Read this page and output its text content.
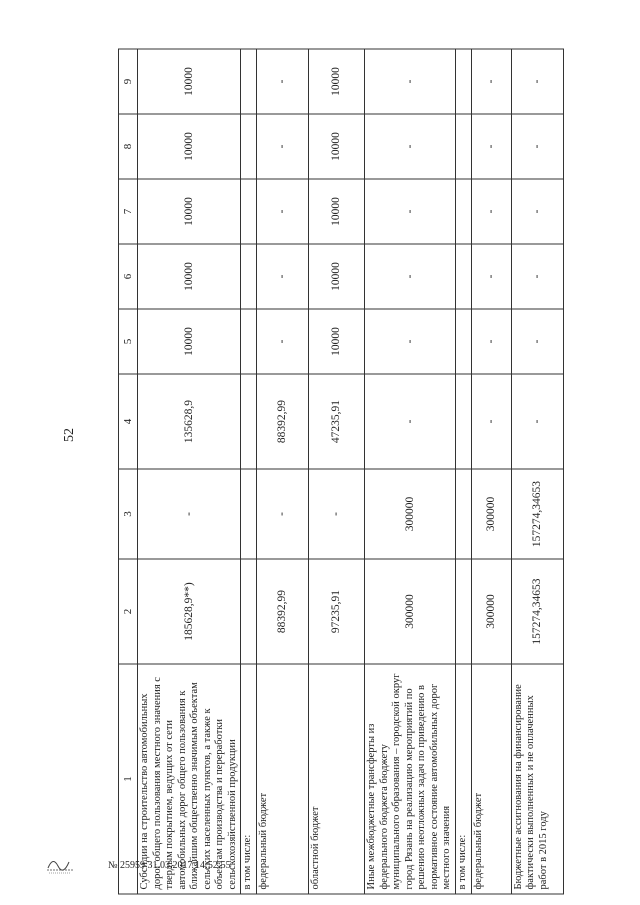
52
1	2	3	4	5	6	7	8	9
Субсидии на строительство автомобильных дорог общего пользования местного значения с твердым покрытием, ведущих от сети автомобильных дорог общего пользования к ближайшим общественно значимым объектам сельских населенных пунктов, а также к объектам производства и переработки сельскохозяйственной продукции	185628,9**)	-	135628,9	10000	10000	10000	10000	10000
в том числе:								
федеральный бюджет	88392,99	-	88392,99	-	-	-	-	-
областной бюджет	97235,91	-	47235,91	10000	10000	10000	10000	10000
Иные межбюджетные трансферты из федерального бюджета бюджету муниципального образования – городской округ город Рязань на реализацию мероприятий по решению неотложных задач по приведению в нормативное состояние автомобильных дорог местного значения	300000	300000	-	-	-	-	-	-
в том числе:								
федеральный бюджет	300000	300000	-	-	-	-	-	-
Бюджетные ассигнования на финансирование фактически выполненных и не оплаченных работ в 2015 году	157274,34653	157274,34653	-	-	-	-	-	-
№ 25959 31.03.2017 14:52:55
